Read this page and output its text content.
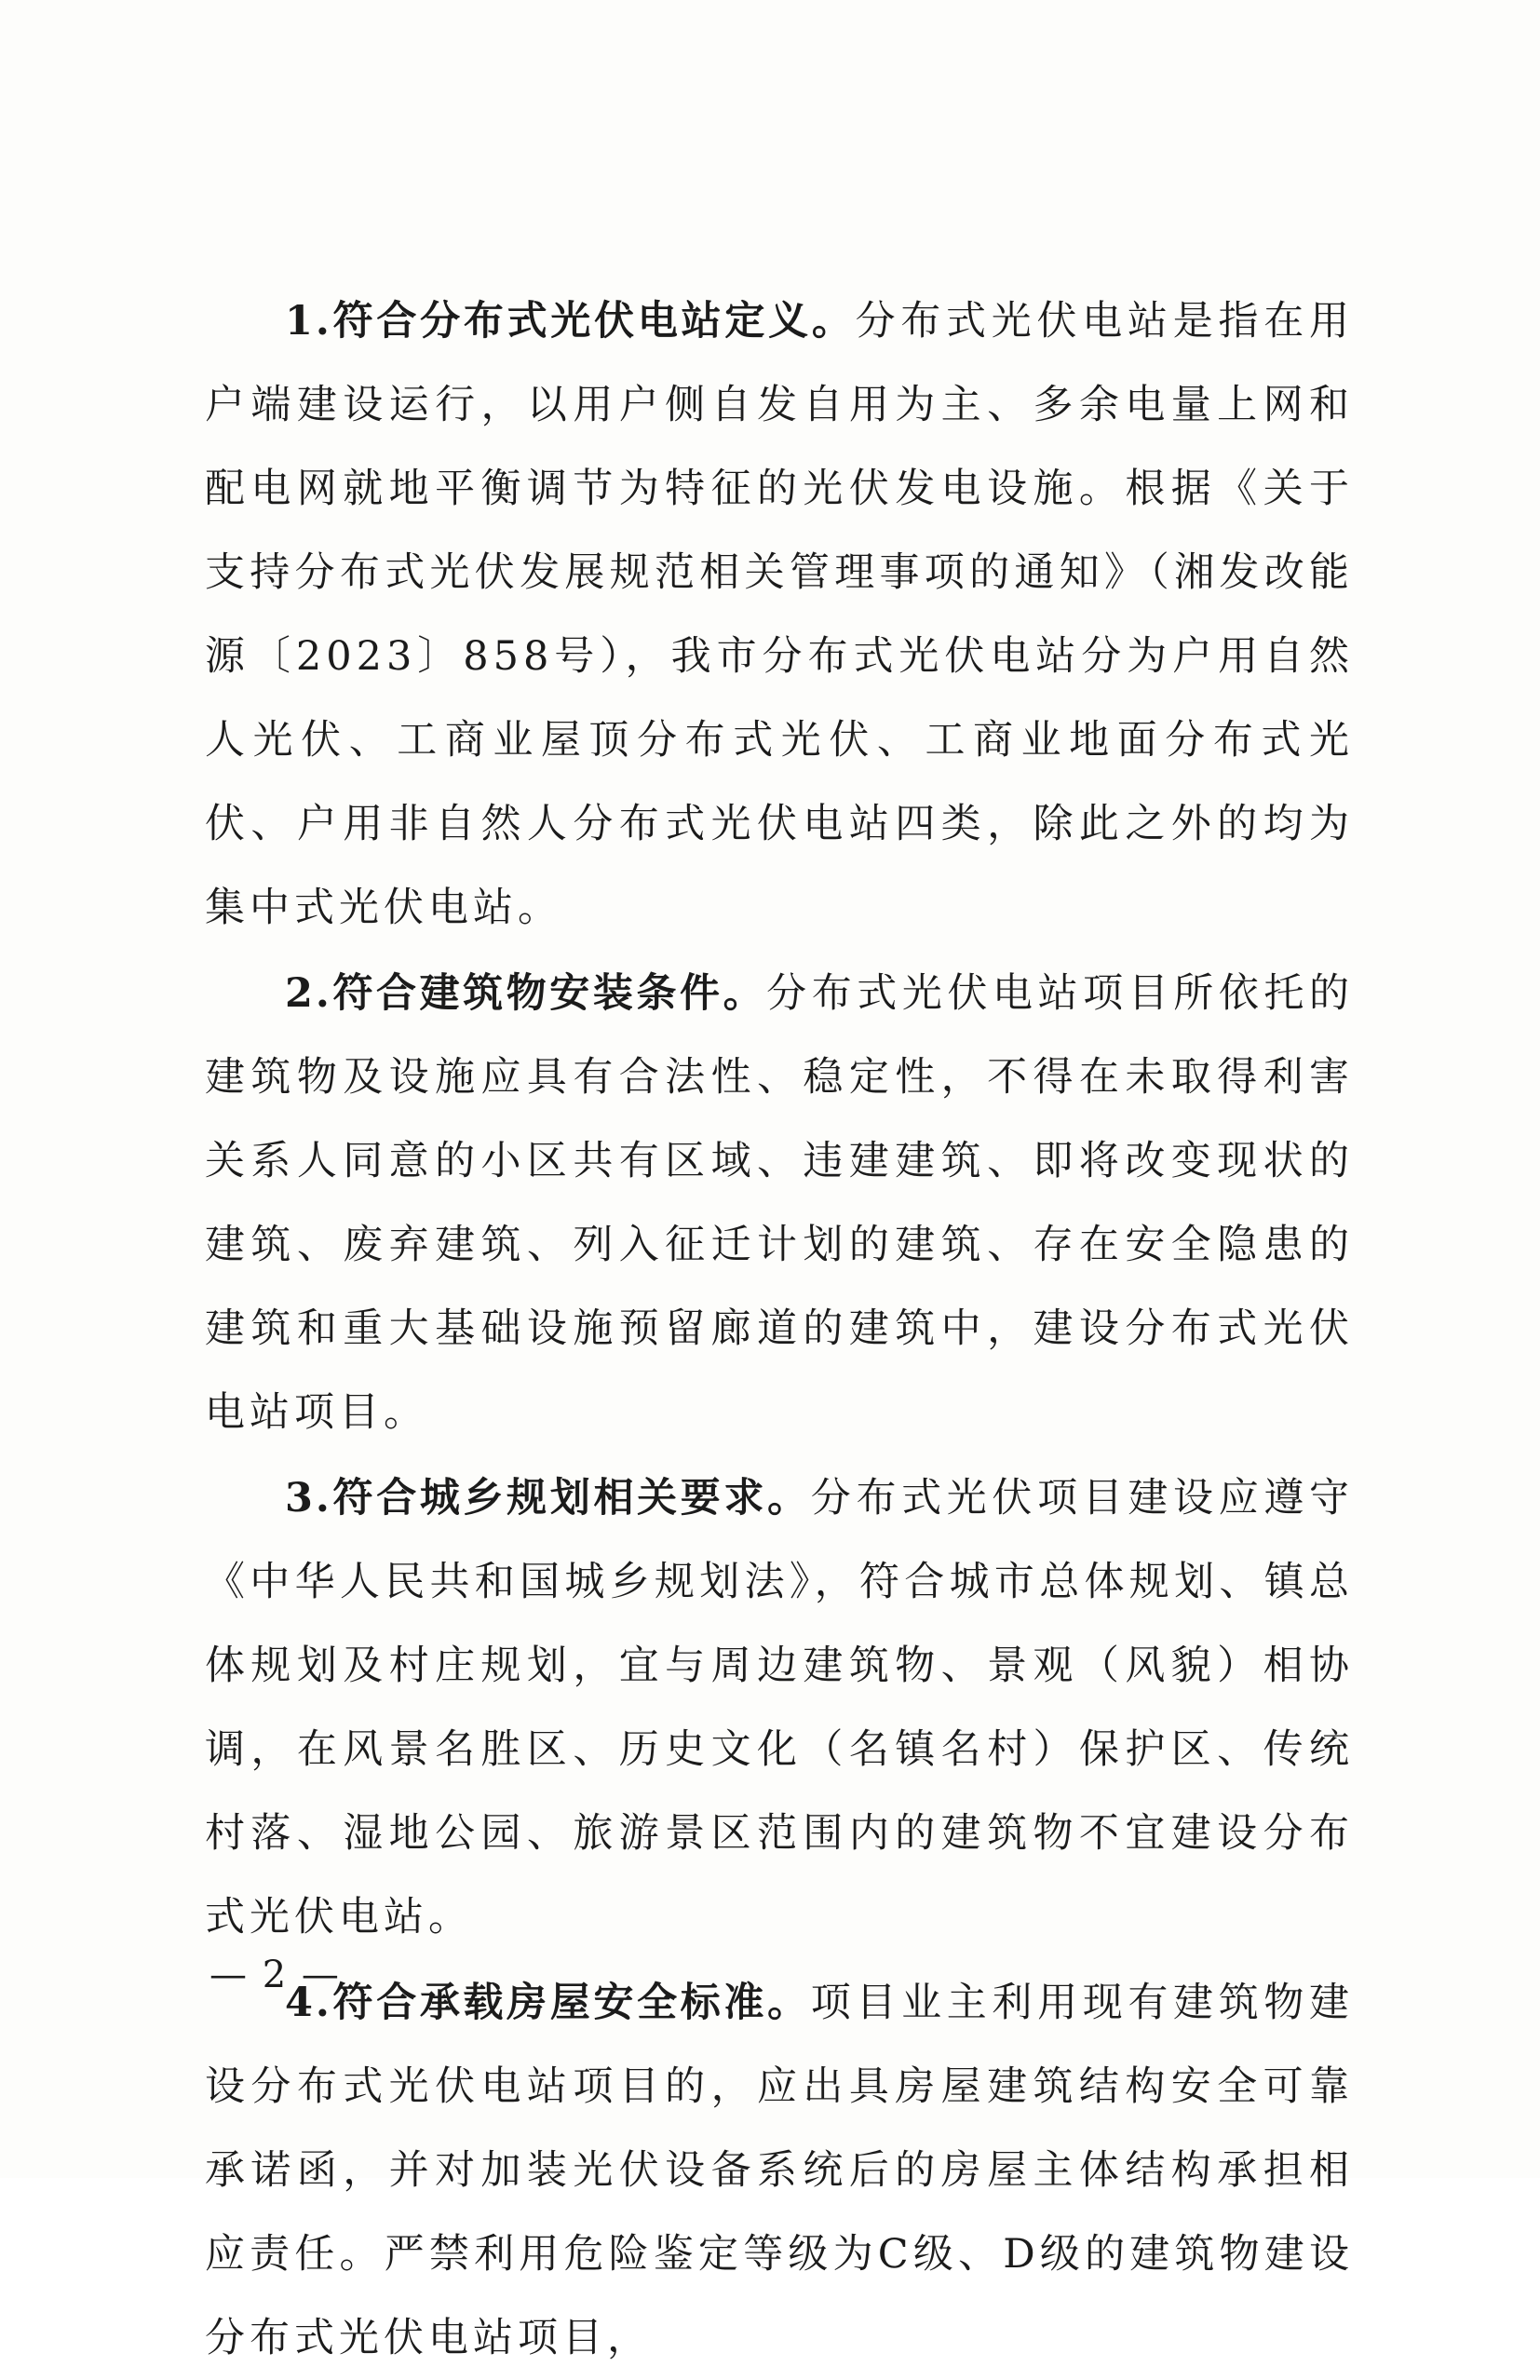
1.符合分布式光伏电站定义。分布式光伏电站是指在用户端建设运行，以用户侧自发自用为主、多余电量上网和配电网就地平衡调节为特征的光伏发电设施。根据《关于支持分布式光伏发展规范相关管理事项的通知》（湘发改能源〔2023〕858号），我市分布式光伏电站分为户用自然人光伏、工商业屋顶分布式光伏、工商业地面分布式光伏、户用非自然人分布式光伏电站四类，除此之外的均为集中式光伏电站。

2.符合建筑物安装条件。分布式光伏电站项目所依托的建筑物及设施应具有合法性、稳定性，不得在未取得利害关系人同意的小区共有区域、违建建筑、即将改变现状的建筑、废弃建筑、列入征迁计划的建筑、存在安全隐患的建筑和重大基础设施预留廊道的建筑中，建设分布式光伏电站项目。

3.符合城乡规划相关要求。分布式光伏项目建设应遵守《中华人民共和国城乡规划法》，符合城市总体规划、镇总体规划及村庄规划，宜与周边建筑物、景观（风貌）相协调，在风景名胜区、历史文化（名镇名村）保护区、传统村落、湿地公园、旅游景区范围内的建筑物不宜建设分布式光伏电站。

4.符合承载房屋安全标准。项目业主利用现有建筑物建设分布式光伏电站项目的，应出具房屋建筑结构安全可靠承诺函，并对加装光伏设备系统后的房屋主体结构承担相应责任。严禁利用危险鉴定等级为C级、D级的建筑物建设分布式光伏电站项目，

— 2 —
